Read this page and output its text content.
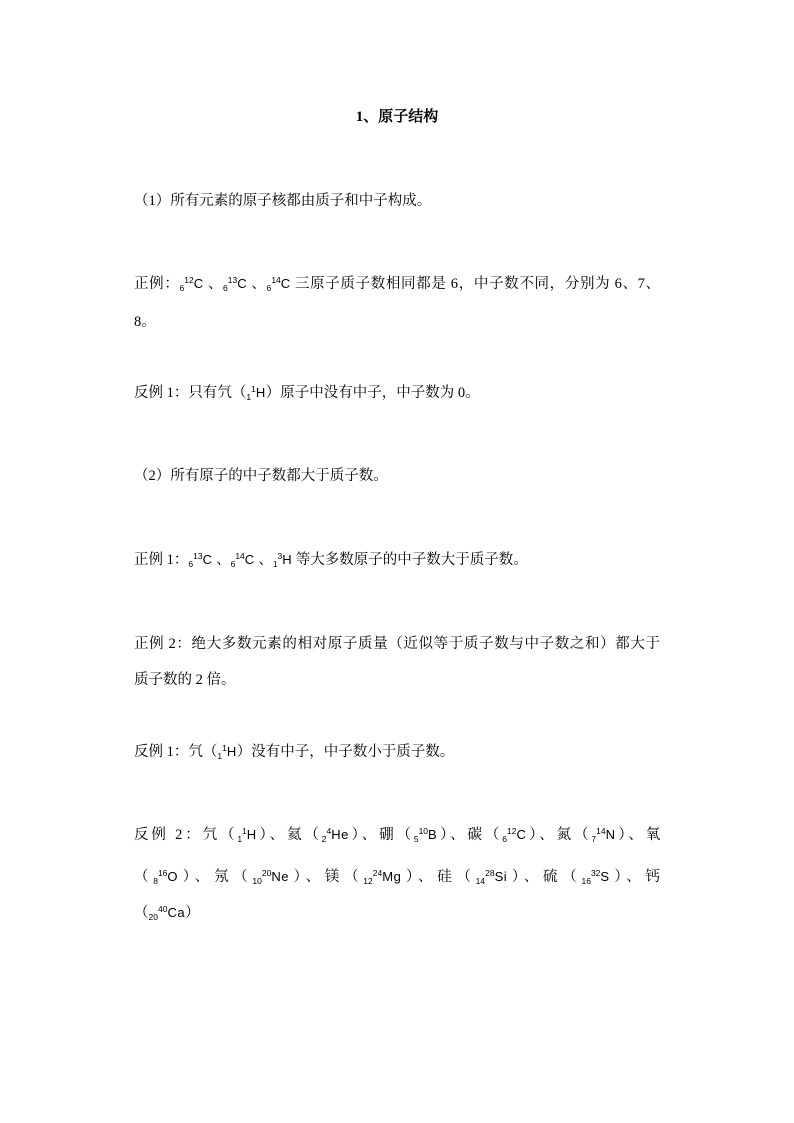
1、原子结构
（1）所有元素的原子核都由质子和中子构成。
正例：$_6^{12}$C 、$_6^{13}$C 、$_6^{14}$C 三原子质子数相同都是 6，中子数不同，分别为 6、7、
8。
反例 1：只有氕$(_1^1H)$原子中没有中子，中子数为 0。
（2）所有原子的中子数都大于质子数。
正例 1：$_6^{13}$C 、$_6^{14}$C 、$_1^3$H 等大多数原子的中子数大于质子数。
正例 2：绝大多数元素的相对原子质量（近似等于质子数与中子数之和）都大于
质子数的 2 倍。
反例 1：氕$(_1^1H)$没有中子，中子数小于质子数。
反例 2：氕$(_1^1H)$、氦$(_2^4He)$、硼$(_5^{10}B)$、碳$(_6^{12}C)$、氮$(_7^{14}N)$、氧
$(_8^{16}O)$、氖$(_{10}^{20}Ne)$、镁$(_{12}^{24}Mg)$、硅$(_{14}^{28}Si)$、硫$(_{16}^{32}S)$、钙
$(_{20}^{40}Ca)$
